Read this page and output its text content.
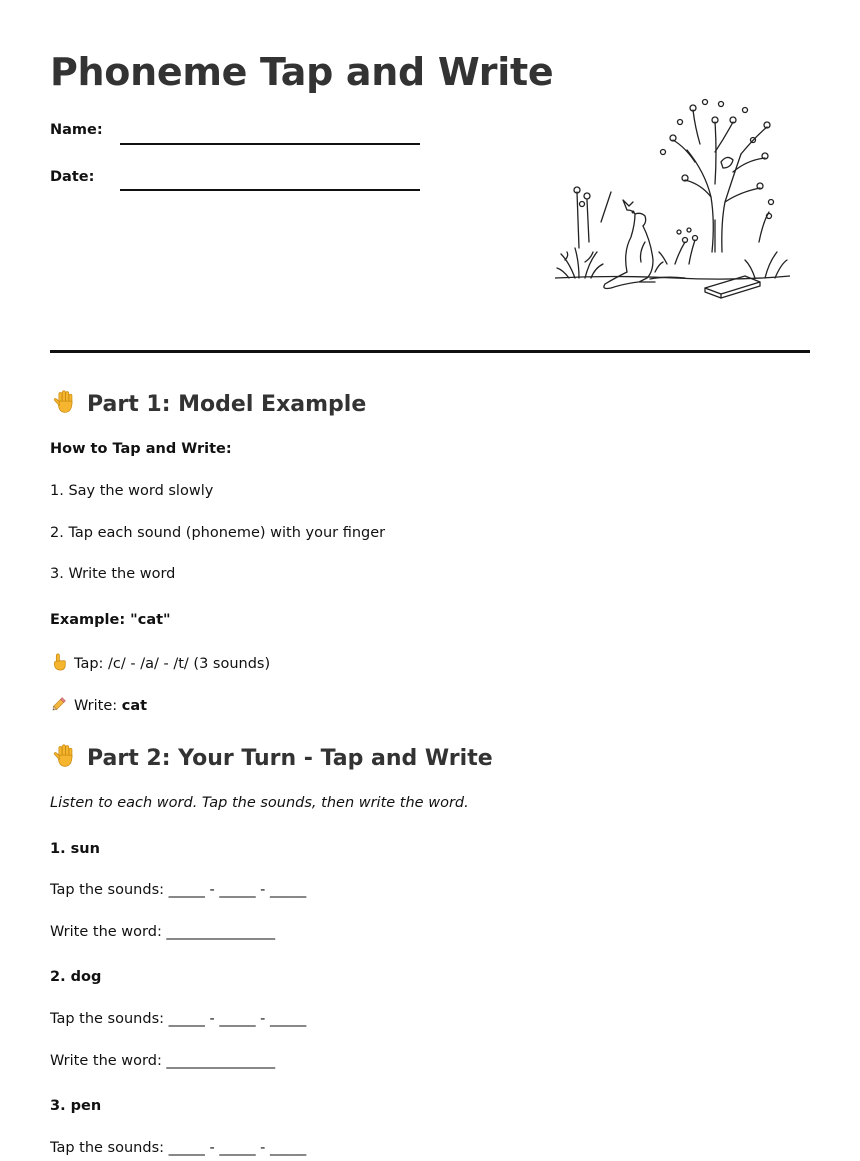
Phoneme Tap and Write
Name:
Date:
Part 1: Model Example
How to Tap and Write:
1. Say the word slowly
2. Tap each sound (phoneme) with your finger
3. Write the word
Example: "cat"
Tap: /c/ - /a/ - /t/ (3 sounds)
Write: cat
Part 2: Your Turn - Tap and Write
Listen to each word. Tap the sounds, then write the word.
1. sun
Tap the sounds: _____ - _____ - _____
Write the word: _______________
2. dog
Tap the sounds: _____ - _____ - _____
Write the word: _______________
3. pen
Tap the sounds: _____ - _____ - _____
